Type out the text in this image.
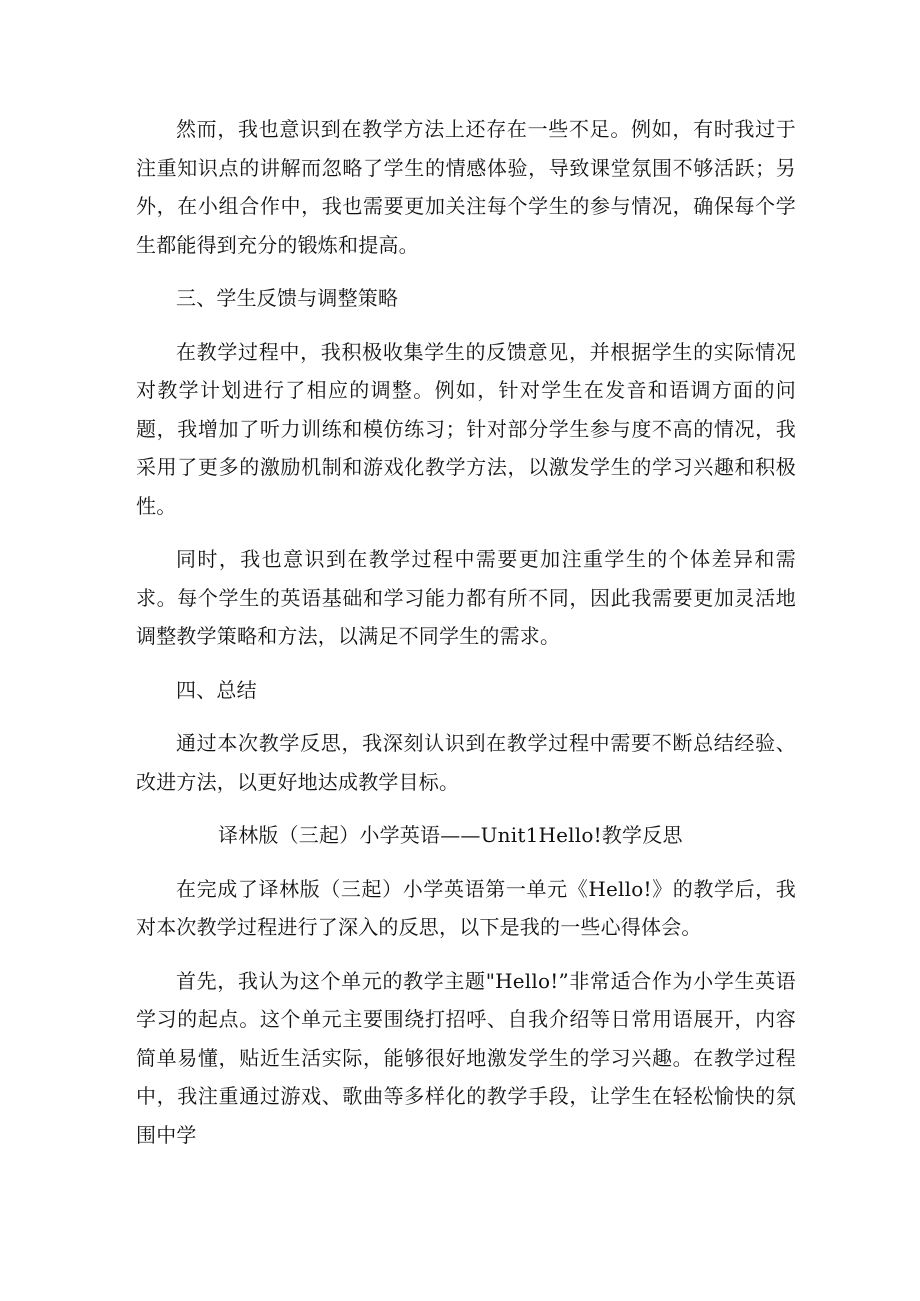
然而，我也意识到在教学方法上还存在一些不足。例如，有时我过于注重知识点的讲解而忽略了学生的情感体验，导致课堂氛围不够活跃；另外，在小组合作中，我也需要更加关注每个学生的参与情况，确保每个学生都能得到充分的锻炼和提高。

三、学生反馈与调整策略

在教学过程中，我积极收集学生的反馈意见，并根据学生的实际情况对教学计划进行了相应的调整。例如，针对学生在发音和语调方面的问题，我增加了听力训练和模仿练习；针对部分学生参与度不高的情况，我采用了更多的激励机制和游戏化教学方法，以激发学生的学习兴趣和积极性。

同时，我也意识到在教学过程中需要更加注重学生的个体差异和需求。每个学生的英语基础和学习能力都有所不同，因此我需要更加灵活地调整教学策略和方法，以满足不同学生的需求。

四、总结

通过本次教学反思，我深刻认识到在教学过程中需要不断总结经验、改进方法，以更好地达成教学目标。

译林版（三起）小学英语——Unit1Hello!教学反思

在完成了译林版（三起）小学英语第一单元《Hello!》的教学后，我对本次教学过程进行了深入的反思，以下是我的一些心得体会。

首先，我认为这个单元的教学主题"Hello!”非常适合作为小学生英语学习的起点。这个单元主要围绕打招呼、自我介绍等日常用语展开，内容简单易懂，贴近生活实际，能够很好地激发学生的学习兴趣。在教学过程中，我注重通过游戏、歌曲等多样化的教学手段，让学生在轻松愉快的氛围中学
